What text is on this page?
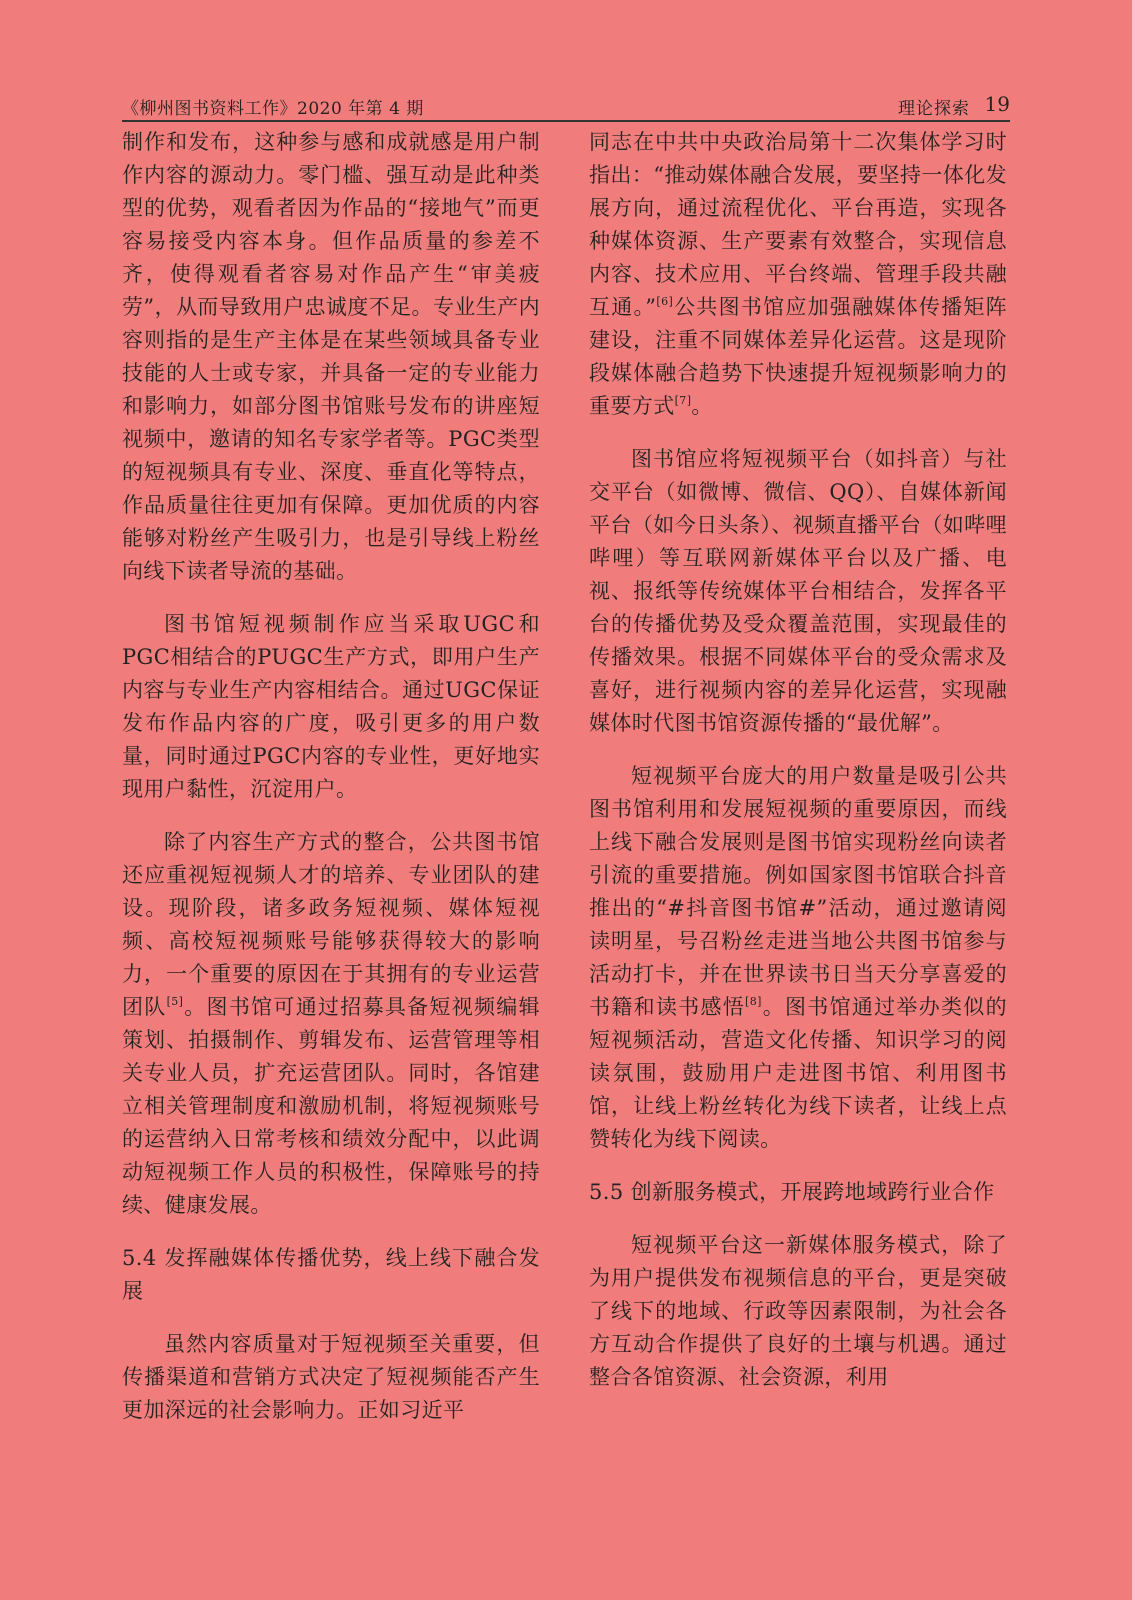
《柳州图书资料工作》2020 年第 4 期	理论探索 19

制作和发布，这种参与感和成就感是用户制作内容的源动力。零门槛、强互动是此种类型的优势，观看者因为作品的“接地气”而更容易接受内容本身。但作品质量的参差不齐，使得观看者容易对作品产生“审美疲劳”，从而导致用户忠诚度不足。专业生产内容则指的是生产主体是在某些领域具备专业技能的人士或专家，并具备一定的专业能力和影响力，如部分图书馆账号发布的讲座短视频中，邀请的知名专家学者等。PGC类型的短视频具有专业、深度、垂直化等特点，作品质量往往更加有保障。更加优质的内容能够对粉丝产生吸引力，也是引导线上粉丝向线下读者导流的基础。

图书馆短视频制作应当采取UGC和PGC相结合的PUGC生产方式，即用户生产内容与专业生产内容相结合。通过UGC保证发布作品内容的广度，吸引更多的用户数量，同时通过PGC内容的专业性，更好地实现用户黏性，沉淀用户。

除了内容生产方式的整合，公共图书馆还应重视短视频人才的培养、专业团队的建设。现阶段，诸多政务短视频、媒体短视频、高校短视频账号能够获得较大的影响力，一个重要的原因在于其拥有的专业运营团队[5]。图书馆可通过招募具备短视频编辑策划、拍摄制作、剪辑发布、运营管理等相关专业人员，扩充运营团队。同时，各馆建立相关管理制度和激励机制，将短视频账号的运营纳入日常考核和绩效分配中，以此调动短视频工作人员的积极性，保障账号的持续、健康发展。

5.4 发挥融媒体传播优势，线上线下融合发展

虽然内容质量对于短视频至关重要，但传播渠道和营销方式决定了短视频能否产生更加深远的社会影响力。正如习近平

同志在中共中央政治局第十二次集体学习时指出：“推动媒体融合发展，要坚持一体化发展方向，通过流程优化、平台再造，实现各种媒体资源、生产要素有效整合，实现信息内容、技术应用、平台终端、管理手段共融互通。”[6]公共图书馆应加强融媒体传播矩阵建设，注重不同媒体差异化运营。这是现阶段媒体融合趋势下快速提升短视频影响力的重要方式[7]。

图书馆应将短视频平台（如抖音）与社交平台（如微博、微信、QQ）、自媒体新闻平台（如今日头条）、视频直播平台（如哔哩哔哩）等互联网新媒体平台以及广播、电视、报纸等传统媒体平台相结合，发挥各平台的传播优势及受众覆盖范围，实现最佳的传播效果。根据不同媒体平台的受众需求及喜好，进行视频内容的差异化运营，实现融媒体时代图书馆资源传播的“最优解”。

短视频平台庞大的用户数量是吸引公共图书馆利用和发展短视频的重要原因，而线上线下融合发展则是图书馆实现粉丝向读者引流的重要措施。例如国家图书馆联合抖音推出的“#抖音图书馆#”活动，通过邀请阅读明星，号召粉丝走进当地公共图书馆参与活动打卡，并在世界读书日当天分享喜爱的书籍和读书感悟[8]。图书馆通过举办类似的短视频活动，营造文化传播、知识学习的阅读氛围，鼓励用户走进图书馆、利用图书馆，让线上粉丝转化为线下读者，让线上点赞转化为线下阅读。

5.5 创新服务模式，开展跨地域跨行业合作

短视频平台这一新媒体服务模式，除了为用户提供发布视频信息的平台，更是突破了线下的地域、行政等因素限制，为社会各方互动合作提供了良好的土壤与机遇。通过整合各馆资源、社会资源，利用
